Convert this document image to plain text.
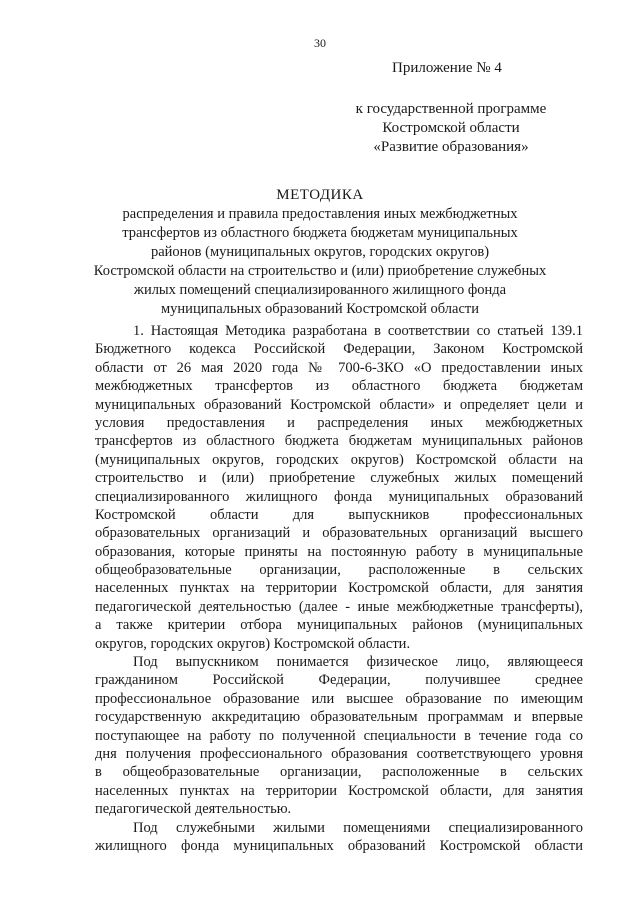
30
Приложение № 4
к государственной программе
Костромской области
«Развитие образования»
МЕТОДИКА
распределения и правила предоставления иных межбюджетных
трансфертов из областного бюджета бюджетам муниципальных
районов (муниципальных округов, городских округов)
Костромской области на строительство и (или) приобретение служебных
жилых помещений специализированного жилищного фонда
муниципальных образований Костромской области
1. Настоящая Методика разработана в соответствии со статьей 139.1
Бюджетного кодекса Российской Федерации, Законом Костромской
области от 26 мая 2020 года № 700-6-ЗКО «О предоставлении иных
межбюджетных трансфертов из областного бюджета бюджетам
муниципальных образований Костромской области» и определяет цели и
условия предоставления и распределения иных межбюджетных
трансфертов из областного бюджета бюджетам муниципальных районов
(муниципальных округов, городских округов) Костромской области на
строительство и (или) приобретение служебных жилых помещений
специализированного жилищного фонда муниципальных образований
Костромской области для выпускников профессиональных
образовательных организаций и образовательных организаций высшего
образования, которые приняты на постоянную работу в муниципальные
общеобразовательные организации, расположенные в сельских
населенных пунктах на территории Костромской области, для занятия
педагогической деятельностью (далее - иные межбюджетные трансферты),
а также критерии отбора муниципальных районов (муниципальных
округов, городских округов) Костромской области.
Под выпускником понимается физическое лицо, являющееся
гражданином Российской Федерации, получившее среднее
профессиональное образование или высшее образование по имеющим
государственную аккредитацию образовательным программам и впервые
поступающее на работу по полученной специальности в течение года со
дня получения профессионального образования соответствующего уровня
в общеобразовательные организации, расположенные в сельских
населенных пунктах на территории Костромской области, для занятия
педагогической деятельностью.
Под служебными жилыми помещениями специализированного
жилищного фонда муниципальных образований Костромской области
